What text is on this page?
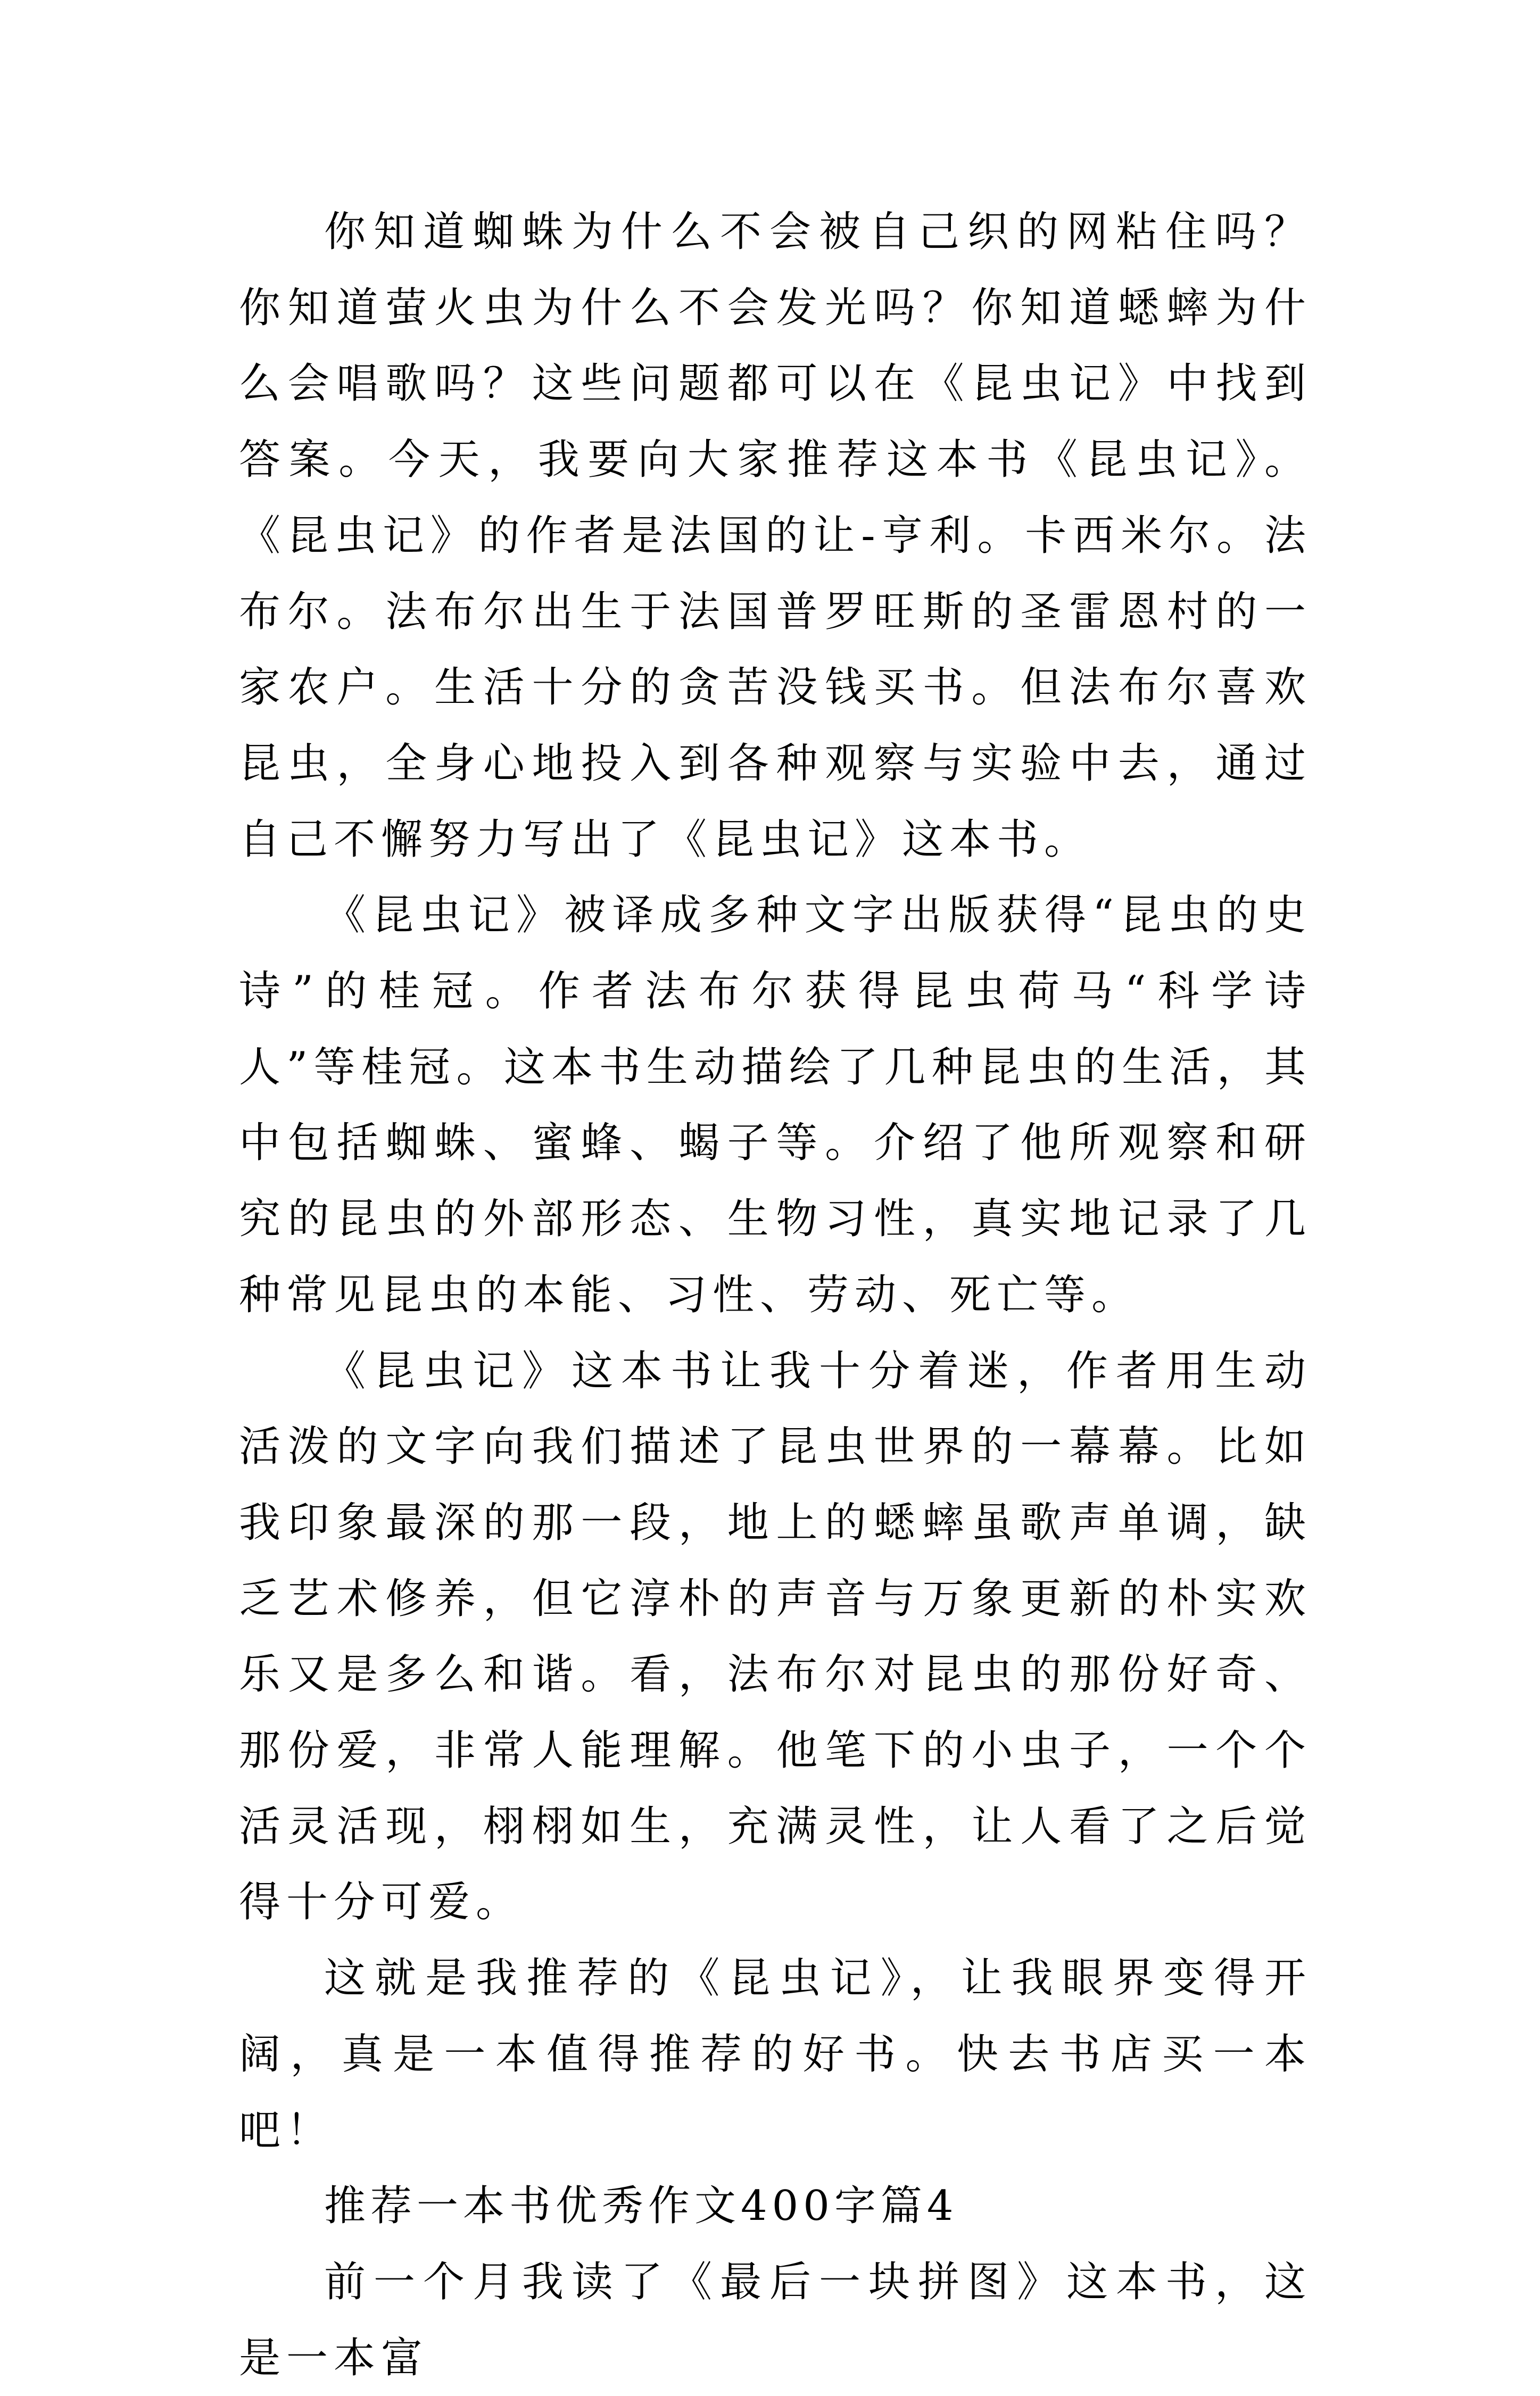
你知道蜘蛛为什么不会被自己织的网粘住吗？你知道萤火虫为什么不会发光吗？你知道蟋蟀为什么会唱歌吗？这些问题都可以在《昆虫记》中找到答案。今天，我要向大家推荐这本书《昆虫记》。《昆虫记》的作者是法国的让-亨利。卡西米尔。法布尔。法布尔出生于法国普罗旺斯的圣雷恩村的一家农户。生活十分的贪苦没钱买书。但法布尔喜欢昆虫，全身心地投入到各种观察与实验中去，通过自己不懈努力写出了《昆虫记》这本书。

《昆虫记》被译成多种文字出版获得“昆虫的史诗”的桂冠。作者法布尔获得昆虫荷马“科学诗人”等桂冠。这本书生动描绘了几种昆虫的生活，其中包括蜘蛛、蜜蜂、蝎子等。介绍了他所观察和研究的昆虫的外部形态、生物习性，真实地记录了几种常见昆虫的本能、习性、劳动、死亡等。

《昆虫记》这本书让我十分着迷，作者用生动活泼的文字向我们描述了昆虫世界的一幕幕。比如我印象最深的那一段，地上的蟋蟀虽歌声单调，缺乏艺术修养，但它淳朴的声音与万象更新的朴实欢乐又是多么和谐。看，法布尔对昆虫的那份好奇、那份爱，非常人能理解。他笔下的小虫子，一个个活灵活现，栩栩如生，充满灵性，让人看了之后觉得十分可爱。

这就是我推荐的《昆虫记》，让我眼界变得开阔，真是一本值得推荐的好书。快去书店买一本吧！

推荐一本书优秀作文400字篇4

前一个月我读了《最后一块拼图》这本书，这是一本富
